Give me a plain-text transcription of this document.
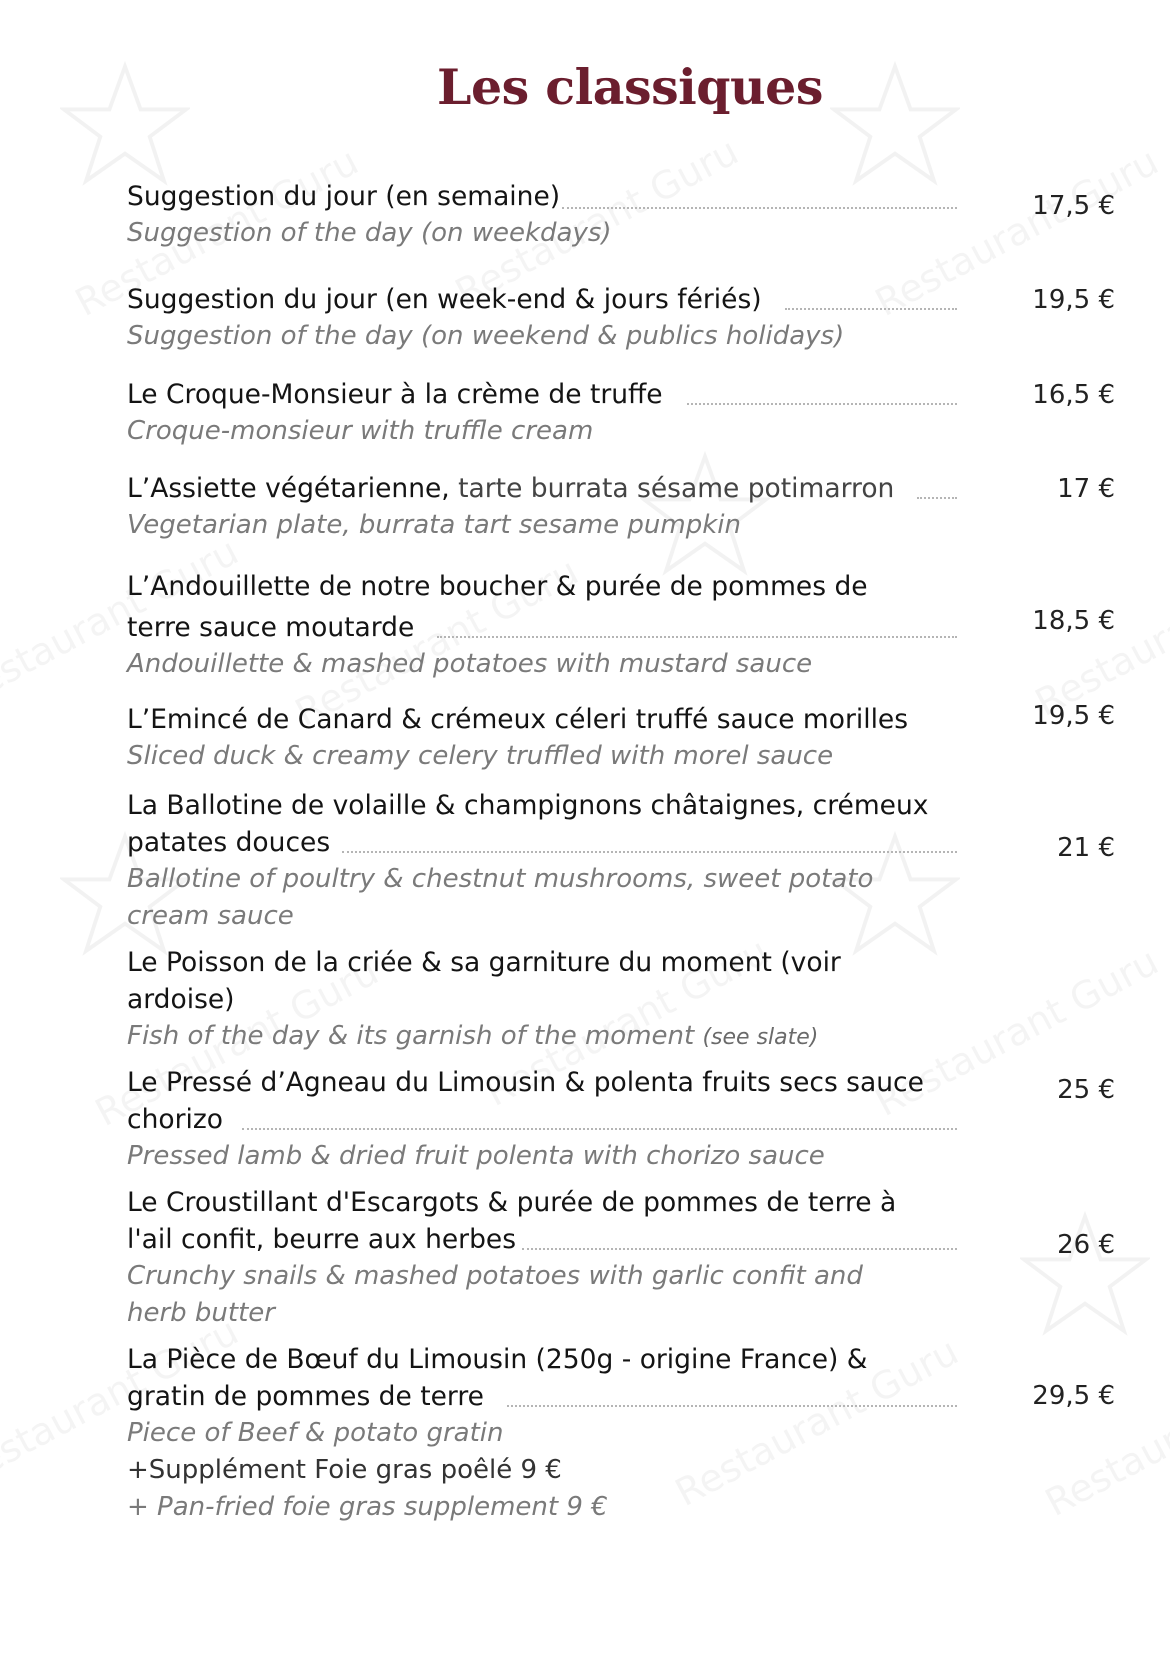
Les classiques
Suggestion du jour (en semaine)
Suggestion of the day (on weekdays)
17,5 €
Suggestion du jour (en week-end & jours fériés)
Suggestion of the day (on weekend & publics holidays)
19,5 €
Le Croque-Monsieur à la crème de truffe
Croque-monsieur with truffle cream
16,5 €
L’Assiette végétarienne, tarte burrata sésame potimarron
Vegetarian plate, burrata tart sesame pumpkin
17 €
L’Andouillette de notre boucher & purée de pommes de
terre sauce moutarde
Andouillette & mashed potatoes with mustard sauce
18,5 €
L’Emincé de Canard & crémeux céleri truffé sauce morilles
Sliced duck & creamy celery truffled with morel sauce
19,5 €
La Ballotine de volaille & champignons châtaignes, crémeux
patates douces
Ballotine of poultry & chestnut mushrooms, sweet potato
cream sauce
21 €
Le Poisson de la criée & sa garniture du moment (voir
ardoise)
Fish of the day & its garnish of the moment (see slate)
Le Pressé d’Agneau du Limousin & polenta fruits secs sauce
chorizo
Pressed lamb & dried fruit polenta with chorizo sauce
25 €
Le Croustillant d'Escargots & purée de pommes de terre à
l'ail confit, beurre aux herbes
Crunchy snails & mashed potatoes with garlic confit and
herb butter
26 €
La Pièce de Bœuf du Limousin (250g - origine France) &
gratin de pommes de terre
Piece of Beef & potato gratin
+Supplément Foie gras poêlé 9 €
+ Pan-fried foie gras supplement 9 €
29,5 €
